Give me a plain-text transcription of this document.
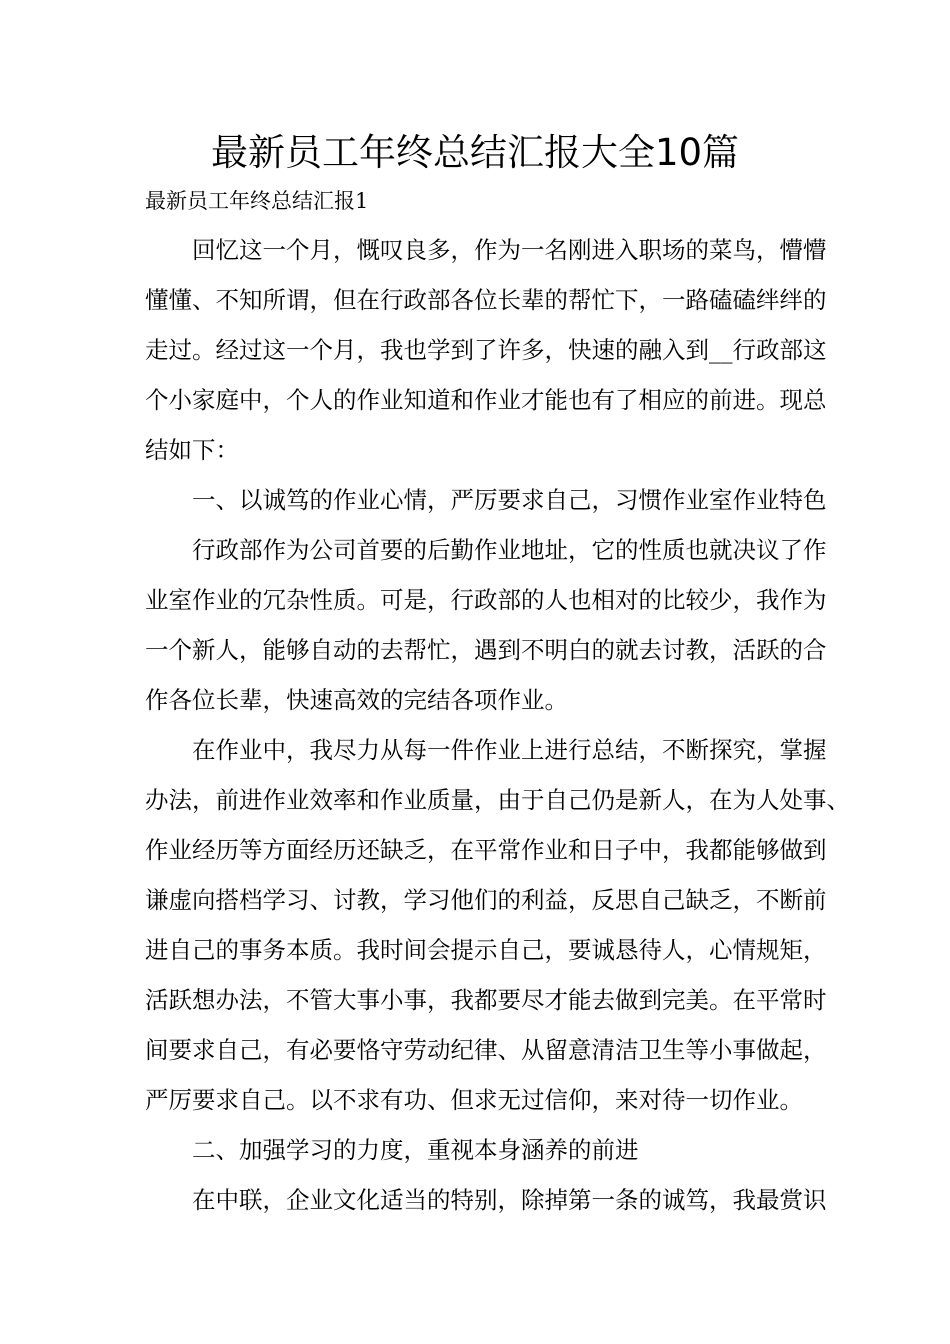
最新员工年终总结汇报大全10篇
最新员工年终总结汇报1
回忆这一个月，慨叹良多，作为一名刚进入职场的菜鸟，懵懵
懂懂、不知所谓，但在行政部各位长辈的帮忙下，一路磕磕绊绊的
走过。经过这一个月，我也学到了许多，快速的融入到__行政部这
个小家庭中，个人的作业知道和作业才能也有了相应的前进。现总
结如下：
一、以诚笃的作业心情，严厉要求自己，习惯作业室作业特色
行政部作为公司首要的后勤作业地址，它的性质也就决议了作
业室作业的冗杂性质。可是，行政部的人也相对的比较少，我作为
一个新人，能够自动的去帮忙，遇到不明白的就去讨教，活跃的合
作各位长辈，快速高效的完结各项作业。
在作业中，我尽力从每一件作业上进行总结，不断探究，掌握
办法，前进作业效率和作业质量，由于自己仍是新人，在为人处事、
作业经历等方面经历还缺乏，在平常作业和日子中，我都能够做到
谦虚向搭档学习、讨教，学习他们的利益，反思自己缺乏，不断前
进自己的事务本质。我时间会提示自己，要诚恳待人，心情规矩，
活跃想办法，不管大事小事，我都要尽才能去做到完美。在平常时
间要求自己，有必要恪守劳动纪律、从留意清洁卫生等小事做起，
严厉要求自己。以不求有功、但求无过信仰，来对待一切作业。
二、加强学习的力度，重视本身涵养的前进
在中联，企业文化适当的特别，除掉第一条的诚笃，我最赏识
